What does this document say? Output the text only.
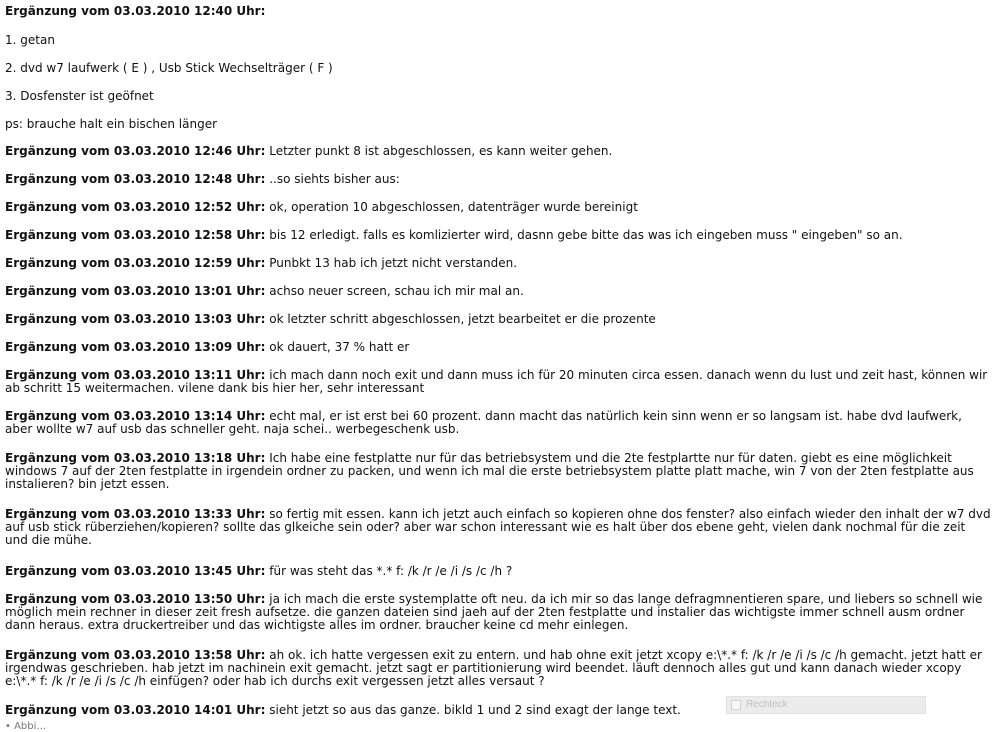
Ergänzung vom 03.03.2010 12:40 Uhr:
1. getan
2. dvd w7 laufwerk ( E ) , Usb Stick Wechselträger ( F )
3. Dosfenster ist geöfnet
ps: brauche halt ein bischen länger
Ergänzung vom 03.03.2010 12:46 Uhr: Letzter punkt 8 ist abgeschlossen, es kann weiter gehen.
Ergänzung vom 03.03.2010 12:48 Uhr: ..so siehts bisher aus:
Ergänzung vom 03.03.2010 12:52 Uhr: ok, operation 10 abgeschlossen, datenträger wurde bereinigt
Ergänzung vom 03.03.2010 12:58 Uhr: bis 12 erledigt. falls es komlizierter wird, dasnn gebe bitte das was ich eingeben muss " eingeben" so an.
Ergänzung vom 03.03.2010 12:59 Uhr: Punbkt 13 hab ich jetzt nicht verstanden.
Ergänzung vom 03.03.2010 13:01 Uhr: achso neuer screen, schau ich mir mal an.
Ergänzung vom 03.03.2010 13:03 Uhr: ok letzter schritt abgeschlossen, jetzt bearbeitet er die prozente
Ergänzung vom 03.03.2010 13:09 Uhr: ok dauert, 37 % hatt er
Ergänzung vom 03.03.2010 13:11 Uhr: ich mach dann noch exit und dann muss ich für 20 minuten circa essen. danach wenn du lust und zeit hast, können wir ab schritt 15 weitermachen. vilene dank bis hier her, sehr interessant
Ergänzung vom 03.03.2010 13:14 Uhr: echt mal, er ist erst bei 60 prozent. dann macht das natürlich kein sinn wenn er so langsam ist. habe dvd laufwerk, aber wollte w7 auf usb das schneller geht. naja schei.. werbegeschenk usb.
Ergänzung vom 03.03.2010 13:18 Uhr: Ich habe eine festplatte nur für das betriebsystem und die 2te festplartte nur für daten. giebt es eine möglichkeit windows 7 auf der 2ten festplatte in irgendein ordner zu packen, und wenn ich mal die erste betriebsystem platte platt mache, win 7 von der 2ten festplatte aus instalieren? bin jetzt essen.
Ergänzung vom 03.03.2010 13:33 Uhr: so fertig mit essen. kann ich jetzt auch einfach so kopieren ohne dos fenster? also einfach wieder den inhalt der w7 dvd auf usb stick rüberziehen/kopieren? sollte das glkeiche sein oder? aber war schon interessant wie es halt über dos ebene geht, vielen dank nochmal für die zeit und die mühe.
Ergänzung vom 03.03.2010 13:45 Uhr: für was steht das *.* f: /k /r /e /i /s /c /h ?
Ergänzung vom 03.03.2010 13:50 Uhr: ja ich mach die erste systemplatte oft neu. da ich mir so das lange defragmnentieren spare, und liebers so schnell wie möglich mein rechner in dieser zeit fresh aufsetze. die ganzen dateien sind jaeh auf der 2ten festplatte und instalier das wichtigste immer schnell ausm ordner dann heraus. extra druckertreiber und das wichtigste alles im ordner. braucher keine cd mehr einlegen.
Ergänzung vom 03.03.2010 13:58 Uhr: ah ok. ich hatte vergessen exit zu entern. und hab ohne exit jetzt xcopy e:\*.* f: /k /r /e /i /s /c /h gemacht. jetzt hatt er irgendwas geschrieben. hab jetzt im nachinein exit gemacht. jetzt sagt er partitionierung wird beendet. läuft dennoch alles gut und kann danach wieder xcopy e:\*.* f: /k /r /e /i /s /c /h einfügen? oder hab ich durchs exit vergessen jetzt alles versaut ?
Ergänzung vom 03.03.2010 14:01 Uhr: sieht jetzt so aus das ganze. bikld 1 und 2 sind exagt der lange text.	Rechteck
• Abbi...
